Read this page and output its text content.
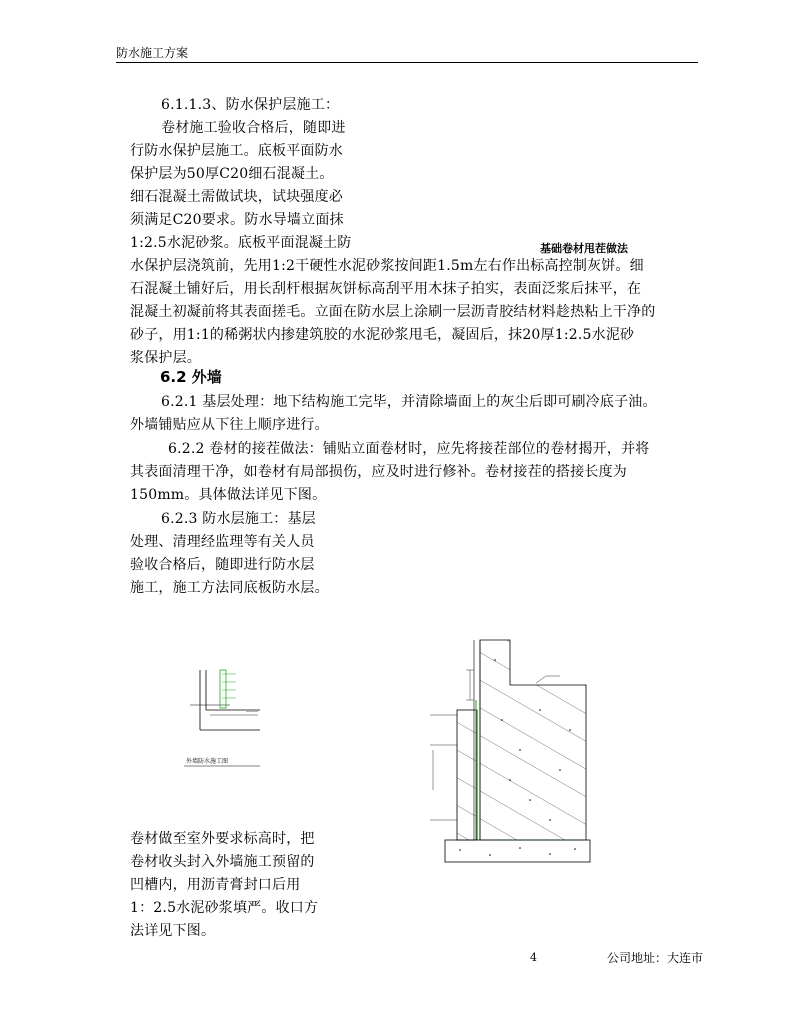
防水施工方案
6.1.1.3、防水保护层施工：
卷材施工验收合格后，随即进
行防水保护层施工。底板平面防水
保护层为50厚C20细石混凝土。
细石混凝土需做试块，试块强度必
须满足C20要求。防水导墙立面抹
1:2.5水泥砂浆。底板平面混凝土防
水保护层浇筑前，先用1:2干硬性水泥砂浆按间距1.5m左右作出标高控制灰饼。细
石混凝土铺好后，用长刮杆根据灰饼标高刮平用木抹子拍实，表面泛浆后抹平，在
混凝土初凝前将其表面搓毛。立面在防水层上涂刷一层沥青胶结材料趁热粘上干净的
砂子，用1:1的稀粥状内掺建筑胶的水泥砂浆甩毛，凝固后，抹20厚1:2.5水泥砂
浆保护层。
基础卷材甩茬做法
6.2 外墙
6.2.1 基层处理：地下结构施工完毕，并清除墙面上的灰尘后即可刷冷底子油。
外墙铺贴应从下往上顺序进行。
6.2.2 卷材的接茬做法：铺贴立面卷材时，应先将接茬部位的卷材揭开，并将
其表面清理干净，如卷材有局部损伤，应及时进行修补。卷材接茬的搭接长度为
150mm。具体做法详见下图。
6.2.3 防水层施工：基层
处理、清理经监理等有关人员
验收合格后，随即进行防水层
施工，施工方法同底板防水层。
———
外墙防水施工图
卷材做至室外要求标高时，把
卷材收头封入外墙施工预留的
凹槽内，用沥青膏封口后用
1：2.5水泥砂浆填严。收口方
法详见下图。
4	公司地址：大连市
